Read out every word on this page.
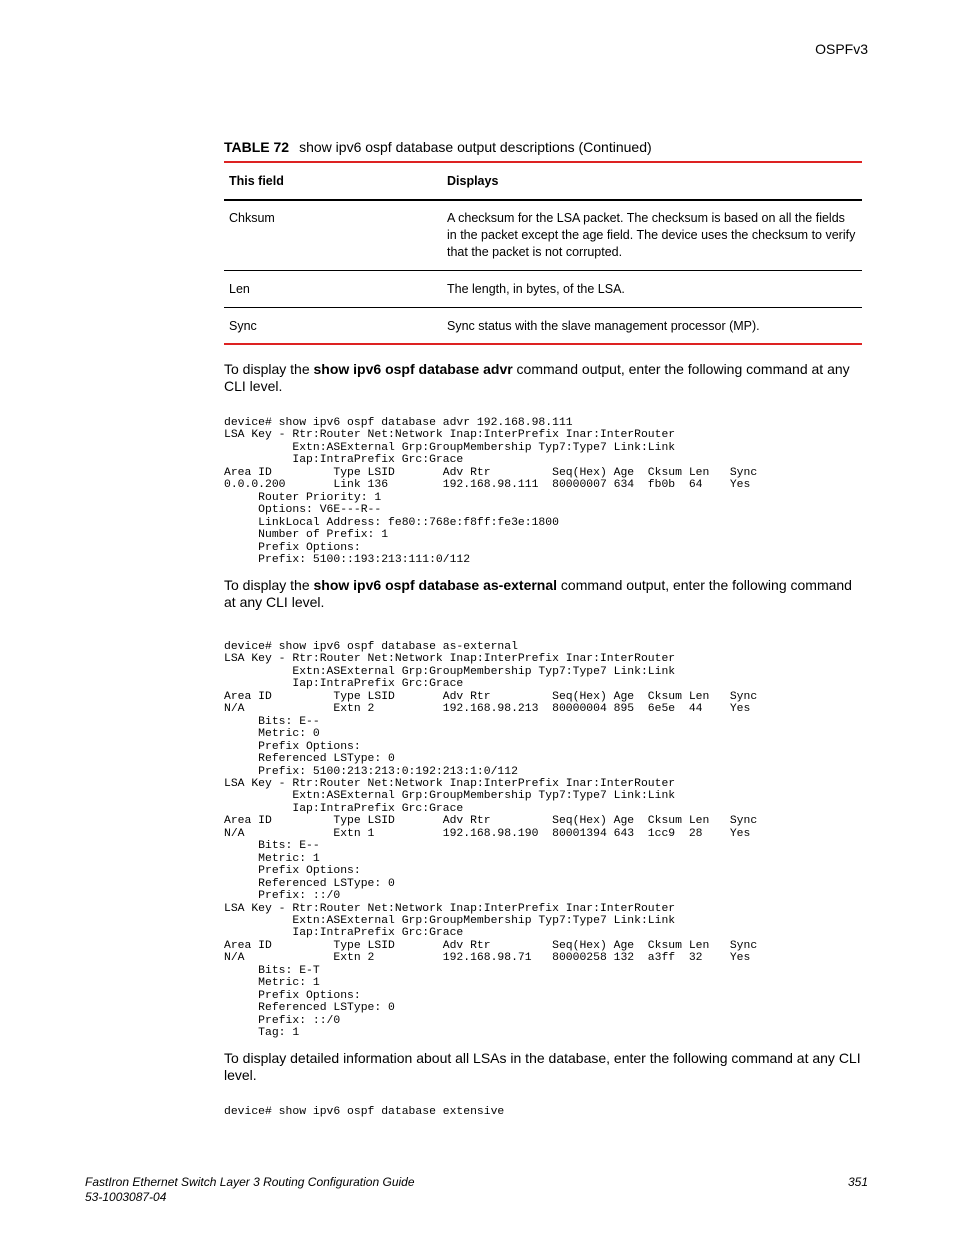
OSPFv3
TABLE 72 show ipv6 ospf database output descriptions (Continued)
This field	Displays
Chksum	A checksum for the LSA packet. The checksum is based on all the fields in the packet except the age field. The device uses the checksum to verify that the packet is not corrupted.
Len	The length, in bytes, of the LSA.
Sync	Sync status with the slave management processor (MP).

To display the show ipv6 ospf database advr command output, enter the following command at any CLI level.

device# show ipv6 ospf database advr 192.168.98.111
LSA Key - Rtr:Router Net:Network Inap:InterPrefix Inar:InterRouter
Extn:ASExternal Grp:GroupMembership Typ7:Type7 Link:Link
Iap:IntraPrefix Grc:Grace
Area ID         Type LSID       Adv Rtr         Seq(Hex) Age  Cksum Len   Sync
0.0.0.200       Link 136        192.168.98.111  80000007 634  fb0b  64    Yes
Router Priority: 1
Options: V6E---R--
LinkLocal Address: fe80::768e:f8ff:fe3e:1800
Number of Prefix: 1
Prefix Options:
Prefix: 5100::193:213:111:0/112

To display the show ipv6 ospf database as-external command output, enter the following command at any CLI level.

device# show ipv6 ospf database as-external
LSA Key - Rtr:Router Net:Network Inap:InterPrefix Inar:InterRouter
Extn:ASExternal Grp:GroupMembership Typ7:Type7 Link:Link
Iap:IntraPrefix Grc:Grace
Area ID         Type LSID       Adv Rtr         Seq(Hex) Age  Cksum Len   Sync
N/A             Extn 2          192.168.98.213  80000004 895  6e5e  44    Yes
Bits: E--
Metric: 0
Prefix Options:
Referenced LSType: 0
Prefix: 5100:213:213:0:192:213:1:0/112
LSA Key - Rtr:Router Net:Network Inap:InterPrefix Inar:InterRouter
Extn:ASExternal Grp:GroupMembership Typ7:Type7 Link:Link
Iap:IntraPrefix Grc:Grace
Area ID         Type LSID       Adv Rtr         Seq(Hex) Age  Cksum Len   Sync
N/A             Extn 1          192.168.98.190  80001394 643  1cc9  28    Yes
Bits: E--
Metric: 1
Prefix Options:
Referenced LSType: 0
Prefix: ::/0
LSA Key - Rtr:Router Net:Network Inap:InterPrefix Inar:InterRouter
Extn:ASExternal Grp:GroupMembership Typ7:Type7 Link:Link
Iap:IntraPrefix Grc:Grace
Area ID         Type LSID       Adv Rtr         Seq(Hex) Age  Cksum Len   Sync
N/A             Extn 2          192.168.98.71   80000258 132  a3ff  32    Yes
Bits: E-T
Metric: 1
Prefix Options:
Referenced LSType: 0
Prefix: ::/0
Tag: 1

To display detailed information about all LSAs in the database, enter the following command at any CLI level.

device# show ipv6 ospf database extensive
FastIron Ethernet Switch Layer 3 Routing Configuration Guide
53-1003087-04
351
